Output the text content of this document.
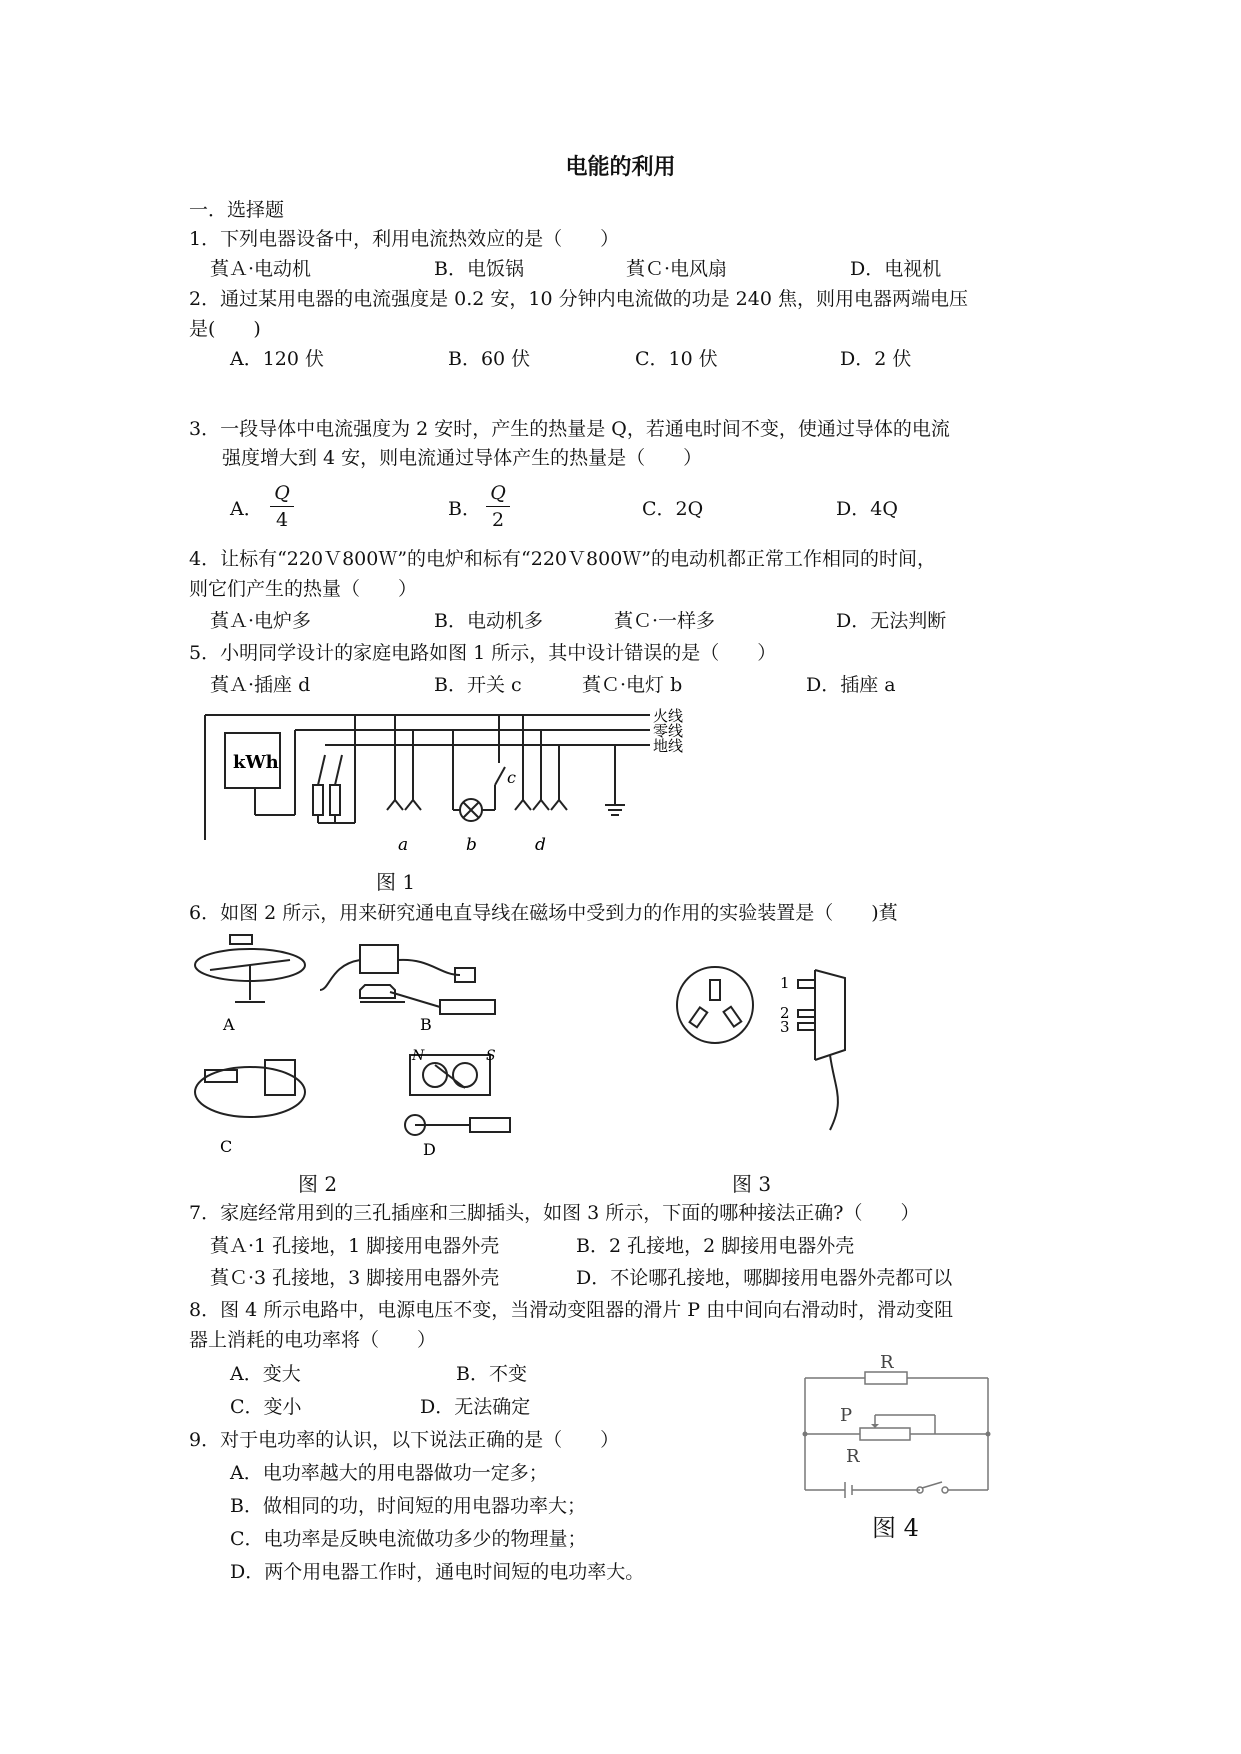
电能的利用
一．选择题
1．下列电器设备中，利用电流热效应的是（　　）
萯Ａ·电动机	B．电饭锅	萯Ｃ·电风扇	D．电视机
2．通过某用电器的电流强度是 0.2 安，10 分钟内电流做的功是 240 焦，则用电器两端电压
是(　　)
A．120 伏	B．60 伏	C．10 伏	D．2 伏
3．一段导体中电流强度为 2 安时，产生的热量是 Q，若通电时间不变，使通过导体的电流
强度增大到 4 安，则电流通过导体产生的热量是（　　）
A．
Q
4	B．
Q
2	C．2Q	D．4Q
4．让标有“220Ｖ800Ｗ”的电炉和标有“220Ｖ800Ｗ”的电动机都正常工作相同的时间，
则它们产生的热量（　　）
萯Ａ·电炉多	B．电动机多	萯Ｃ·一样多	D．无法判断
5．小明同学设计的家庭电路如图 1 所示，其中设计错误的是（　　）
萯Ａ·插座 d	B．开关 c	萯Ｃ·电灯 b	D．插座 a
kWh
火线
零线
地线
a	b
c
d
图 1
6．如图 2 所示，用来研究通电直导线在磁场中受到力的作用的实验装置是（　　)萯
A	B
C	D
N	S
图 2
1
2
3
图 3
7．家庭经常用到的三孔插座和三脚插头，如图 3 所示，下面的哪种接法正确?（　　）
萯Ａ·1 孔接地，1 脚接用电器外壳	B．2 孔接地，2 脚接用电器外壳
萯Ｃ·3 孔接地，3 脚接用电器外壳	D．不论哪孔接地，哪脚接用电器外壳都可以
8．图 4 所示电路中，电源电压不变，当滑动变阻器的滑片 P 由中间向右滑动时，滑动变阻
器上消耗的电功率将（　　）
A．变大	B．不变
C．变小	D．无法确定
R
P
R
图 4
9．对于电功率的认识，以下说法正确的是（　　）
A．电功率越大的用电器做功一定多；
B．做相同的功，时间短的用电器功率大；
C．电功率是反映电流做功多少的物理量；
D．两个用电器工作时，通电时间短的电功率大。
